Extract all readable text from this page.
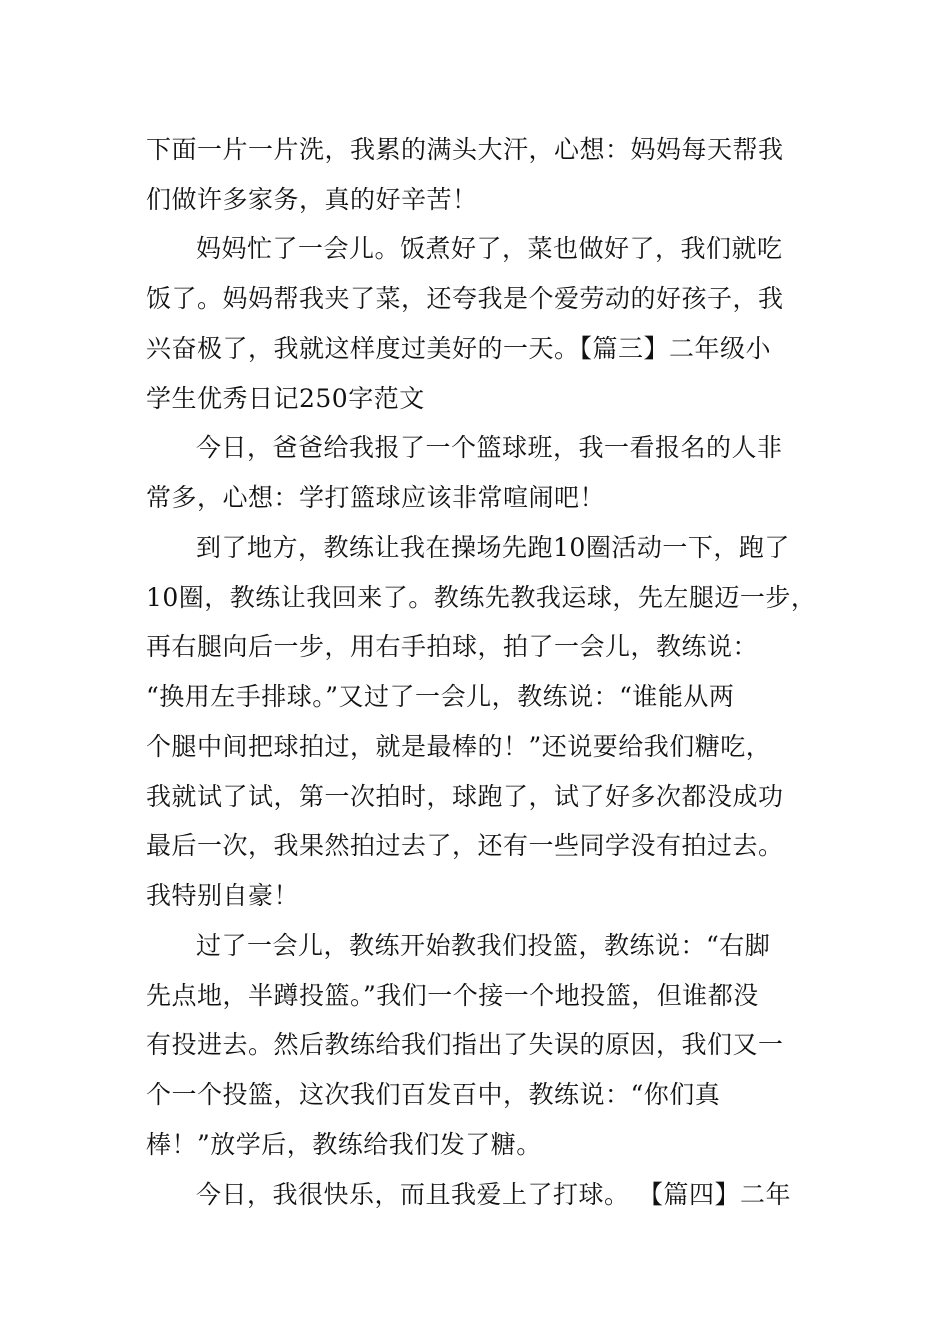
下面一片一片洗，我累的满头大汗，心想：妈妈每天帮我
们做许多家务，真的好辛苦！
妈妈忙了一会儿。饭煮好了，菜也做好了，我们就吃
饭了。妈妈帮我夹了菜，还夸我是个爱劳动的好孩子，我
兴奋极了，我就这样度过美好的一天。【篇三】二年级小
学生优秀日记250字范文
今日，爸爸给我报了一个篮球班，我一看报名的人非
常多，心想：学打篮球应该非常喧闹吧！
到了地方，教练让我在操场先跑10圈活动一下，跑了
10圈，教练让我回来了。教练先教我运球，先左腿迈一步，
再右腿向后一步，用右手拍球，拍了一会儿，教练说：
“换用左手排球。”又过了一会儿，教练说：“谁能从两
个腿中间把球拍过，就是最棒的！”还说要给我们糖吃，
我就试了试，第一次拍时，球跑了，试了好多次都没成功
最后一次，我果然拍过去了，还有一些同学没有拍过去。
我特别自豪！
过了一会儿，教练开始教我们投篮，教练说：“右脚
先点地，半蹲投篮。”我们一个接一个地投篮，但谁都没
有投进去。然后教练给我们指出了失误的原因，我们又一
个一个投篮，这次我们百发百中，教练说：“你们真
棒！”放学后，教练给我们发了糖。
今日，我很快乐，而且我爱上了打球。 【篇四】二年
